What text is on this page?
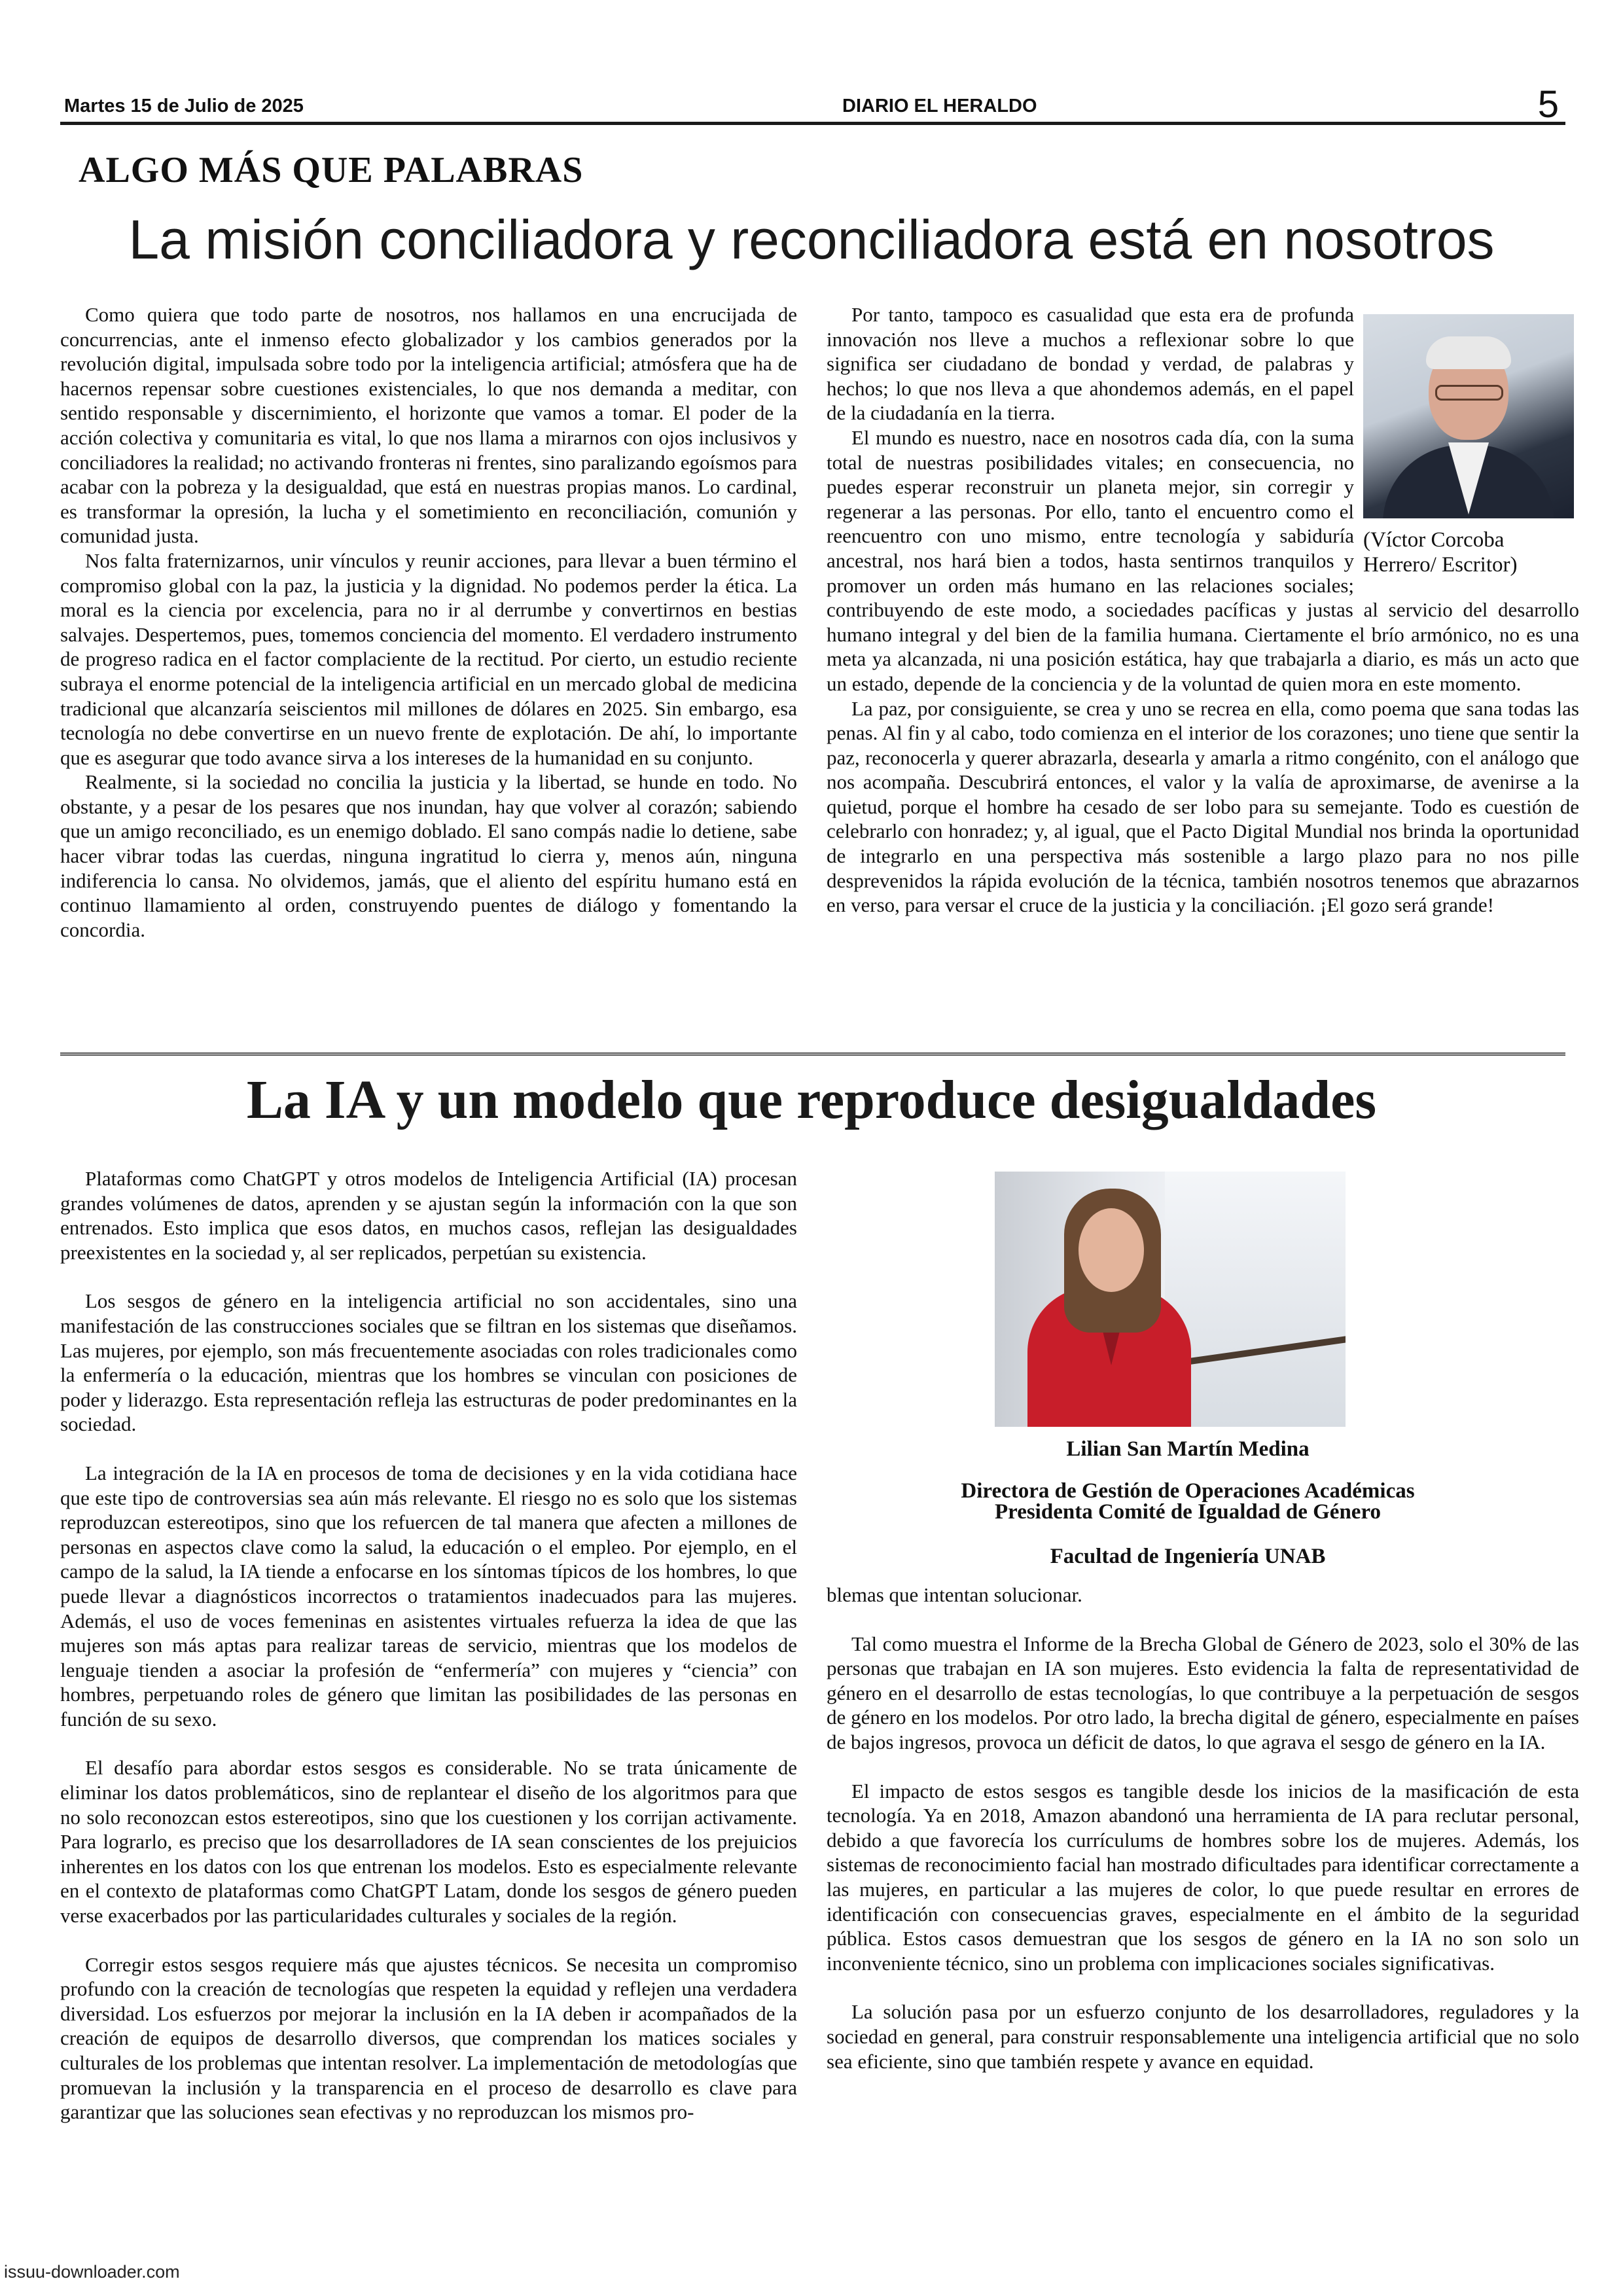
Martes 15 de Julio de 2025	DIARIO EL HERALDO	5
ALGO MÁS QUE PALABRAS
La misión conciliadora y reconciliadora está en nosotros

Como quiera que todo parte de nosotros, nos hallamos en una encrucijada de concurrencias, ante el inmenso efecto globalizador y los cambios generados por la revolución digital, impulsada sobre todo por la inteligencia artificial; atmósfera que ha de hacernos repensar sobre cuestiones existenciales, lo que nos demanda a meditar, con sentido responsable y discernimiento, el horizonte que vamos a tomar. El poder de la acción colectiva y comunitaria es vital, lo que nos llama a mirarnos con ojos inclusivos y conciliadores la realidad; no activando fronteras ni frentes, sino paralizando egoísmos para acabar con la pobreza y la desigualdad, que está en nuestras propias manos. Lo cardinal, es transformar la opresión, la lucha y el sometimiento en reconciliación, comunión y comunidad justa.

Nos falta fraternizarnos, unir vínculos y reunir acciones, para llevar a buen término el compromiso global con la paz, la justicia y la dignidad. No podemos perder la ética. La moral es la ciencia por excelencia, para no ir al derrumbe y convertirnos en bestias salvajes. Despertemos, pues, tomemos conciencia del momento. El verdadero instrumento de progreso radica en el factor complaciente de la rectitud. Por cierto, un estudio reciente subraya el enorme potencial de la inteligencia artificial en un mercado global de medicina tradicional que alcanzaría seiscientos mil millones de dólares en 2025. Sin embargo, esa tecnología no debe convertirse en un nuevo frente de explotación. De ahí, lo importante que es asegurar que todo avance sirva a los intereses de la humanidad en su conjunto.

Realmente, si la sociedad no concilia la justicia y la libertad, se hunde en todo. No obstante, y a pesar de los pesares que nos inundan, hay que volver al corazón; sabiendo que un amigo reconciliado, es un enemigo doblado. El sano compás nadie lo detiene, sabe hacer vibrar todas las cuerdas, ninguna ingratitud lo cierra y, menos aún, ninguna indiferencia lo cansa. No olvidemos, jamás, que el aliento del espíritu humano está en continuo llamamiento al orden, construyendo puentes de diálogo y fomentando la concordia.

(Víctor Corcoba Herrero/ Escritor)

Por tanto, tampoco es casualidad que esta era de profunda innovación nos lleve a muchos a reflexionar sobre lo que significa ser ciudadano de bondad y verdad, de palabras y hechos; lo que nos lleva a que ahondemos además, en el papel de la ciudadanía en la tierra.

El mundo es nuestro, nace en nosotros cada día, con la suma total de nuestras posibilidades vitales; en consecuencia, no puedes esperar reconstruir un planeta mejor, sin corregir y regenerar a las personas. Por ello, tanto el encuentro como el reencuentro con uno mismo, entre tecnología y sabiduría ancestral, nos hará bien a todos, hasta sentirnos tranquilos y promover un orden más humano en las relaciones sociales; contribuyendo de este modo, a sociedades pacíficas y justas al servicio del desarrollo humano integral y del bien de la familia humana. Ciertamente el brío armónico, no es una meta ya alcanzada, ni una posición estática, hay que trabajarla a diario, es más un acto que un estado, depende de la conciencia y de la voluntad de quien mora en este momento.

La paz, por consiguiente, se crea y uno se recrea en ella, como poema que sana todas las penas. Al fin y al cabo, todo comienza en el interior de los corazones; uno tiene que sentir la paz, reconocerla y querer abrazarla, desearla y amarla a ritmo congénito, con el análogo que nos acompaña. Descubrirá entonces, el valor y la valía de aproximarse, de avenirse a la quietud, porque el hombre ha cesado de ser lobo para su semejante. Todo es cuestión de celebrarlo con honradez; y, al igual, que el Pacto Digital Mundial nos brinda la oportunidad de integrarlo en una perspectiva más sostenible a largo plazo para no nos pille desprevenidos la rápida evolución de la técnica, también nosotros tenemos que abrazarnos en verso, para versar el cruce de la justicia y la conciliación. ¡El gozo será grande!

La IA y un modelo que reproduce desigualdades

Plataformas como ChatGPT y otros modelos de Inteligencia Artificial (IA) procesan grandes volúmenes de datos, aprenden y se ajustan según la información con la que son entrenados. Esto implica que esos datos, en muchos casos, reflejan las desigualdades preexistentes en la sociedad y, al ser replicados, perpetúan su existencia.

Los sesgos de género en la inteligencia artificial no son accidentales, sino una manifestación de las construcciones sociales que se filtran en los sistemas que diseñamos. Las mujeres, por ejemplo, son más frecuentemente asociadas con roles tradicionales como la enfermería o la educación, mientras que los hombres se vinculan con posiciones de poder y liderazgo. Esta representación refleja las estructuras de poder predominantes en la sociedad.

La integración de la IA en procesos de toma de decisiones y en la vida cotidiana hace que este tipo de controversias sea aún más relevante. El riesgo no es solo que los sistemas reproduzcan estereotipos, sino que los refuercen de tal manera que afecten a millones de personas en aspectos clave como la salud, la educación o el empleo. Por ejemplo, en el campo de la salud, la IA tiende a enfocarse en los síntomas típicos de los hombres, lo que puede llevar a diagnósticos incorrectos o tratamientos inadecuados para las mujeres. Además, el uso de voces femeninas en asistentes virtuales refuerza la idea de que las mujeres son más aptas para realizar tareas de servicio, mientras que los modelos de lenguaje tienden a asociar la profesión de “enfermería” con mujeres y “ciencia” con hombres, perpetuando roles de género que limitan las posibilidades de las personas en función de su sexo.

El desafío para abordar estos sesgos es considerable. No se trata únicamente de eliminar los datos problemáticos, sino de replantear el diseño de los algoritmos para que no solo reconozcan estos estereotipos, sino que los cuestionen y los corrijan activamente. Para lograrlo, es preciso que los desarrolladores de IA sean conscientes de los prejuicios inherentes en los datos con los que entrenan los modelos. Esto es especialmente relevante en el contexto de plataformas como ChatGPT Latam, donde los sesgos de género pueden verse exacerbados por las particularidades culturales y sociales de la región.

Corregir estos sesgos requiere más que ajustes técnicos. Se necesita un compromiso profundo con la creación de tecnologías que respeten la equidad y reflejen una verdadera diversidad. Los esfuerzos por mejorar la inclusión en la IA deben ir acompañados de la creación de equipos de desarrollo diversos, que comprendan los matices sociales y culturales de los problemas que intentan resolver. La implementación de metodologías que promuevan la inclusión y la transparencia en el proceso de desarrollo es clave para garantizar que las soluciones sean efectivas y no reproduzcan los mismos pro-

Lilian San Martín Medina
Directora de Gestión de Operaciones Académicas
Presidenta Comité de Igualdad de Género
Facultad de Ingeniería UNAB

blemas que intentan solucionar.

Tal como muestra el Informe de la Brecha Global de Género de 2023, solo el 30% de las personas que trabajan en IA son mujeres. Esto evidencia la falta de representatividad de género en el desarrollo de estas tecnologías, lo que contribuye a la perpetuación de sesgos de género en los modelos. Por otro lado, la brecha digital de género, especialmente en países de bajos ingresos, provoca un déficit de datos, lo que agrava el sesgo de género en la IA.

El impacto de estos sesgos es tangible desde los inicios de la masificación de esta tecnología. Ya en 2018, Amazon abandonó una herramienta de IA para reclutar personal, debido a que favorecía los currículums de hombres sobre los de mujeres. Además, los sistemas de reconocimiento facial han mostrado dificultades para identificar correctamente a las mujeres, en particular a las mujeres de color, lo que puede resultar en errores de identificación con consecuencias graves, especialmente en el ámbito de la seguridad pública. Estos casos demuestran que los sesgos de género en la IA no son solo un inconveniente técnico, sino un problema con implicaciones sociales significativas.

La solución pasa por un esfuerzo conjunto de los desarrolladores, reguladores y la sociedad en general, para construir responsablemente una inteligencia artificial que no solo sea eficiente, sino que también respete y avance en equidad.

issuu-downloader.com
